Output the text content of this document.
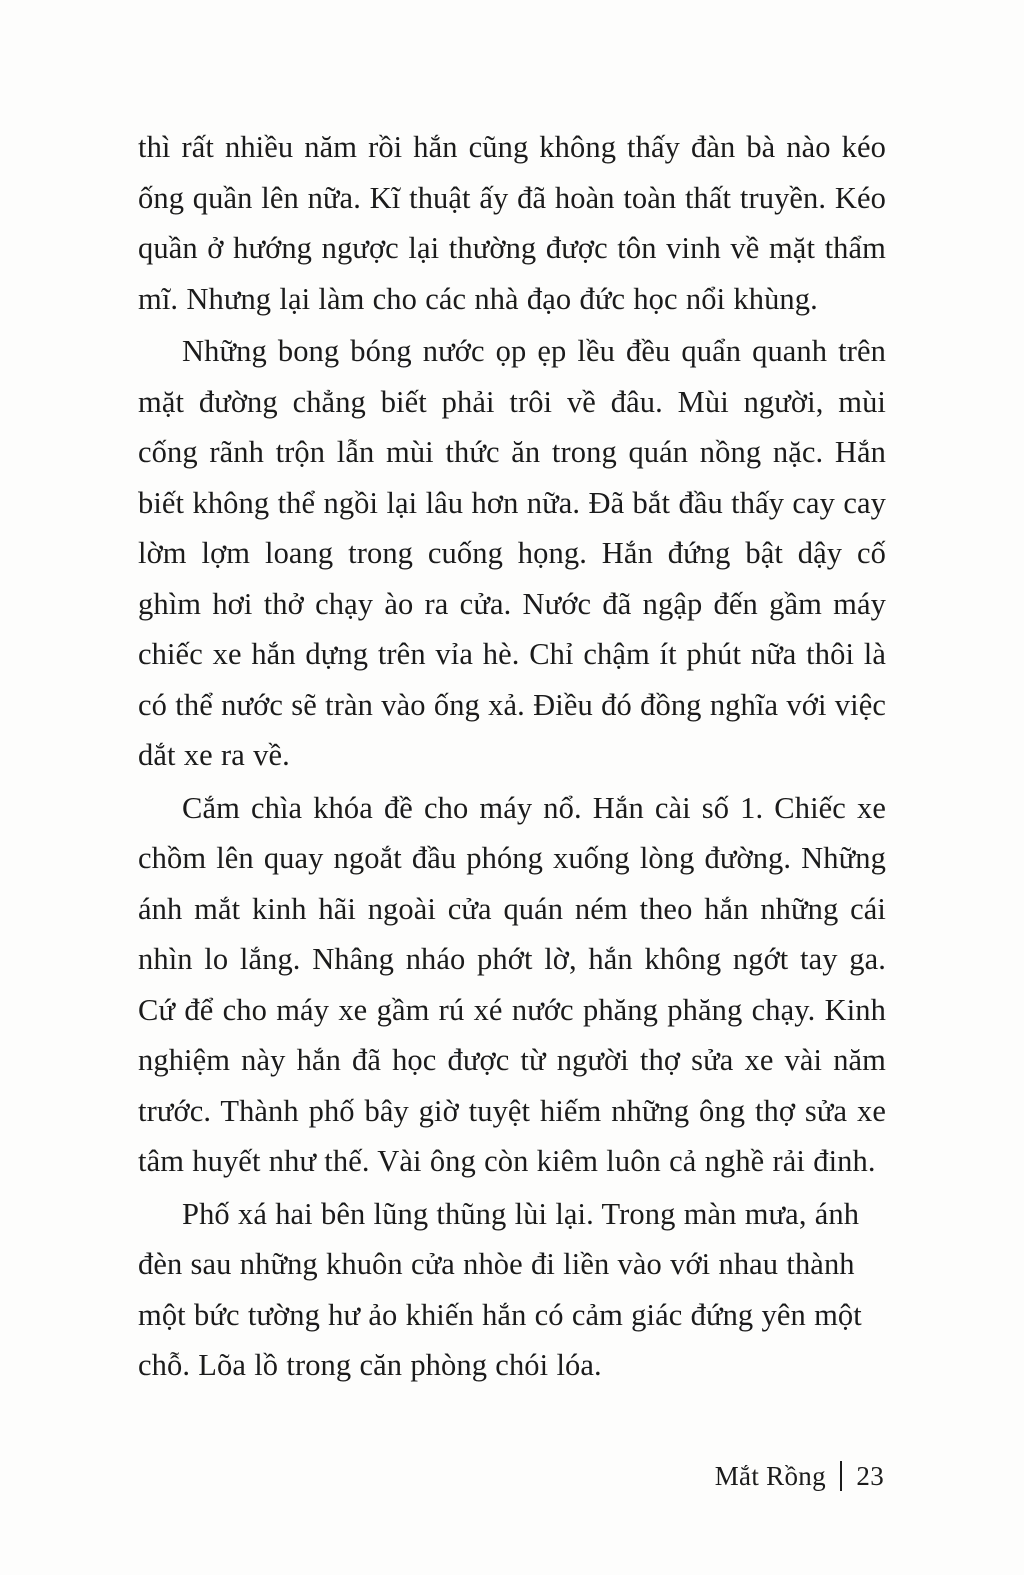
thì rất nhiều năm rồi hắn cũng không thấy đàn bà nào kéo ống quần lên nữa. Kĩ thuật ấy đã hoàn toàn thất truyền. Kéo quần ở hướng ngược lại thường được tôn vinh về mặt thẩm mĩ. Nhưng lại làm cho các nhà đạo đức học nổi khùng.

Những bong bóng nước ọp ẹp lều đều quẩn quanh trên mặt đường chẳng biết phải trôi về đâu. Mùi người, mùi cống rãnh trộn lẫn mùi thức ăn trong quán nồng nặc. Hắn biết không thể ngồi lại lâu hơn nữa. Đã bắt đầu thấy cay cay lờm lợm loang trong cuống họng. Hắn đứng bật dậy cố ghìm hơi thở chạy ào ra cửa. Nước đã ngập đến gầm máy chiếc xe hắn dựng trên vỉa hè. Chỉ chậm ít phút nữa thôi là có thể nước sẽ tràn vào ống xả. Điều đó đồng nghĩa với việc dắt xe ra về.

Cắm chìa khóa đề cho máy nổ. Hắn cài số 1. Chiếc xe chồm lên quay ngoắt đầu phóng xuống lòng đường. Những ánh mắt kinh hãi ngoài cửa quán ném theo hắn những cái nhìn lo lắng. Nhâng nháo phớt lờ, hắn không ngớt tay ga. Cứ để cho máy xe gầm rú xé nước phăng phăng chạy. Kinh nghiệm này hắn đã học được từ người thợ sửa xe vài năm trước. Thành phố bây giờ tuyệt hiếm những ông thợ sửa xe tâm huyết như thế. Vài ông còn kiêm luôn cả nghề rải đinh.

Phố xá hai bên lũng thũng lùi lại. Trong màn mưa, ánh đèn sau những khuôn cửa nhòe đi liền vào với nhau thành một bức tường hư ảo khiến hắn có cảm giác đứng yên một chỗ. Lõa lồ trong căn phòng chói lóa.

Mắt Rồng 23
